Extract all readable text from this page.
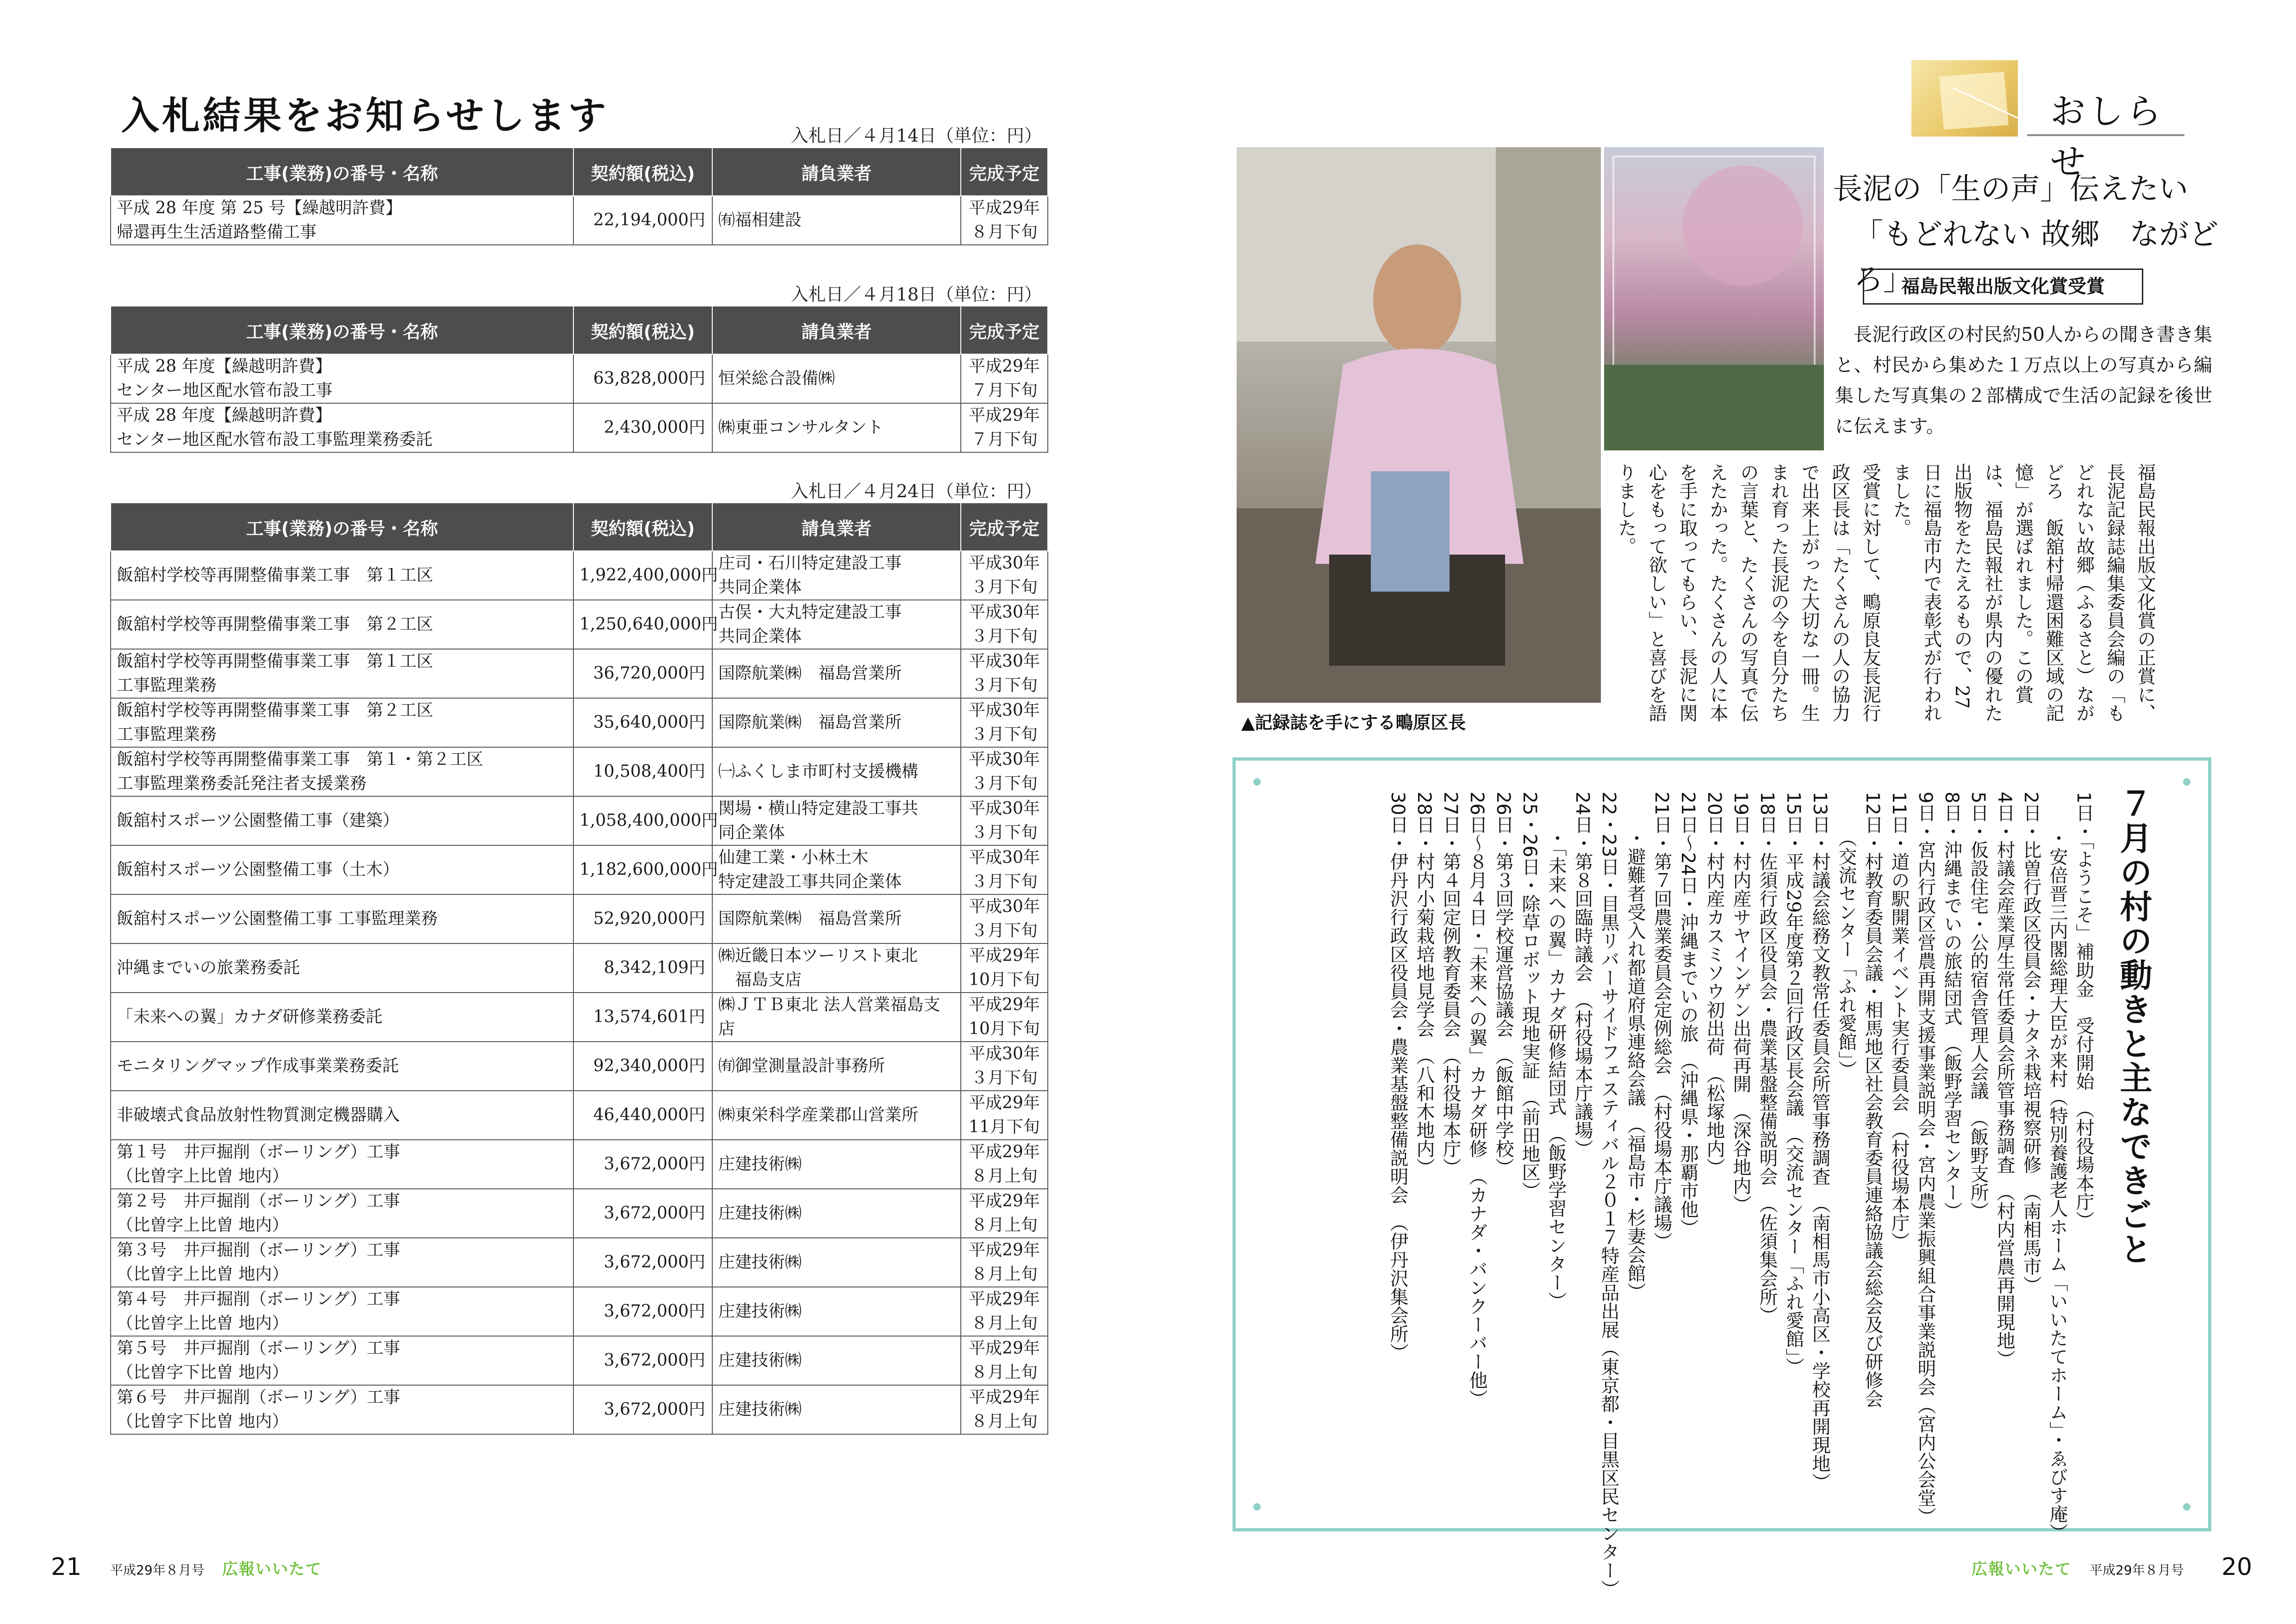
入札結果をお知らせします	入札日／４月14日（単位：円）
工事(業務)の番号・名称	契約額(税込)	請負業者	完成予定
平成 28 年度 第 25 号【繰越明許費】
帰還再生生活道路整備工事	22,194,000円	㈲福相建設	平成29年
８月下旬
入札日／４月18日（単位：円）
工事(業務)の番号・名称	契約額(税込)	請負業者	完成予定
平成 28 年度【繰越明許費】
センター地区配水管布設工事	63,828,000円	恒栄総合設備㈱	平成29年
７月下旬
平成 28 年度【繰越明許費】
センター地区配水管布設工事監理業務委託	2,430,000円	㈱東亜コンサルタント	平成29年
７月下旬
入札日／４月24日（単位：円）
工事(業務)の番号・名称	契約額(税込)	請負業者	完成予定
飯舘村学校等再開整備事業工事　第１工区	1,922,400,000円	庄司・石川特定建設工事
共同企業体	平成30年
３月下旬
飯舘村学校等再開整備事業工事　第２工区	1,250,640,000円	古俣・大丸特定建設工事
共同企業体	平成30年
３月下旬
飯舘村学校等再開整備事業工事　第１工区
工事監理業務	36,720,000円	国際航業㈱　福島営業所	平成30年
３月下旬
飯舘村学校等再開整備事業工事　第２工区
工事監理業務	35,640,000円	国際航業㈱　福島営業所	平成30年
３月下旬
飯舘村学校等再開整備事業工事　第１・第２工区
工事監理業務委託発注者支援業務	10,508,400円	㈠ふくしま市町村支援機構	平成30年
３月下旬
飯舘村スポーツ公園整備工事（建築）	1,058,400,000円	関場・横山特定建設工事共
同企業体	平成30年
３月下旬
飯舘村スポーツ公園整備工事（土木）	1,182,600,000円	仙建工業・小林土木
特定建設工事共同企業体	平成30年
３月下旬
飯舘村スポーツ公園整備工事 工事監理業務	52,920,000円	国際航業㈱　福島営業所	平成30年
３月下旬
沖縄までいの旅業務委託	8,342,109円	㈱近畿日本ツーリスト東北
　福島支店	平成29年
10月下旬
「未来への翼」カナダ研修業務委託	13,574,601円	㈱ＪＴＢ東北 法人営業福島支店	平成29年
10月下旬
モニタリングマップ作成事業業務委託	92,340,000円	㈲御堂測量設計事務所	平成30年
３月下旬
非破壊式食品放射性物質測定機器購入	46,440,000円	㈱東栄科学産業郡山営業所	平成29年
11月下旬
第１号　井戸掘削（ボーリング）工事
（比曽字上比曽 地内）	3,672,000円	庄建技術㈱	平成29年
８月上旬
第２号　井戸掘削（ボーリング）工事
（比曽字上比曽 地内）	3,672,000円	庄建技術㈱	平成29年
８月上旬
第３号　井戸掘削（ボーリング）工事
（比曽字上比曽 地内）	3,672,000円	庄建技術㈱	平成29年
８月上旬
第４号　井戸掘削（ボーリング）工事
（比曽字上比曽 地内）	3,672,000円	庄建技術㈱	平成29年
８月上旬
第５号　井戸掘削（ボーリング）工事
（比曽字下比曽 地内）	3,672,000円	庄建技術㈱	平成29年
８月上旬
第６号　井戸掘削（ボーリング）工事
（比曽字下比曽 地内）	3,672,000円	庄建技術㈱	平成29年
８月上旬
21 平成29年８月号 広報いいたて
おしらせ
▲記録誌を手にする鴫原区長
長泥の「生の声」伝えたい
「もどれない 故郷　ながどろ」
福島民報出版文化賞受賞
長泥行政区の村民約50人からの聞き書き集と、村民から集めた１万点以上の写真から編集した写真集の２部構成で生活の記録を後世に伝えます。

福島民報出版文化賞の正賞に、長泥記録誌編集委員会編の「もどれない故郷（ふるさと）ながどろ　飯舘村帰還困難区域の記憶」が選ばれました。この賞は、福島民報社が県内の優れた出版物をたたえるもので、27日に福島市内で表彰式が行われました。

受賞に対して、鴫原良友長泥行政区長は「たくさんの人の協力で出来上がった大切な一冊。生まれ育った長泥の今を自分たちの言葉と、たくさんの写真で伝えたかった。たくさんの人に本を手に取ってもらい、長泥に関心をもって欲しい」と喜びを語りました。

７月の村の動きと主なできごと
1日・「ようこそ」補助金　受付開始　（村役場本庁）
・安倍晋三内閣総理大臣が来村（特別養護老人ホーム「いいたてホーム」・ゑびす庵）
2日・比曽行政区役員会・ナタネ栽培視察研修　（南相馬市）
4日・村議会産業厚生常任委員会所管事務調査　（村内営農再開現地）
5日・仮設住宅・公的宿舎管理人会議　（飯野支所）
8日・沖縄までいの旅結団式　（飯野学習センター）
9日・宮内行政区営農再開支援事業説明会・宮内農業振興組合事業説明会（宮内公会堂）
11日・道の駅開業イベント実行委員会　（村役場本庁）
12日・村教育委員会議・相馬地区社会教育委員連絡協議会総会及び研修会
（交流センター「ふれ愛館」）
13日・村議会総務文教常任委員会所管事務調査　（南相馬市小高区・学校再開現地）
15日・平成29年度第２回行政区長会議　（交流センター「ふれ愛館」）
18日・佐須行政区役員会・農業基盤整備説明会　（佐須集会所）
19日・村内産サヤインゲン出荷再開　（深谷地内）
20日・村内産カスミソウ初出荷　（松塚地内）
21日～24日・沖縄までいの旅　（沖縄県・那覇市他）
21日・第７回農業委員会定例総会　（村役場本庁議場）
・避難者受入れ都道府県連絡会議　（福島市・杉妻会館）
22・23日・目黒リバーサイドフェスティバル２０１７特産品出展（東京都・目黒区民センター）
24日・第８回臨時議会　（村役場本庁議場）
・「未来への翼」カナダ研修結団式　（飯野学習センター）
25・26日・除草ロボット現地実証　（前田地区）
26日・第３回学校運営協議会　（飯館中学校）
26日～８月４日・「未来への翼」カナダ研修　（カナダ・バンクーバー他）
27日・第４回定例教育委員会　（村役場本庁）
28日・村内小菊栽培地見学会　（八和木地内）
30日・伊丹沢行政区役員会・農業基盤整備説明会　（伊丹沢集会所）
広報いいたて 平成29年８月号 20
